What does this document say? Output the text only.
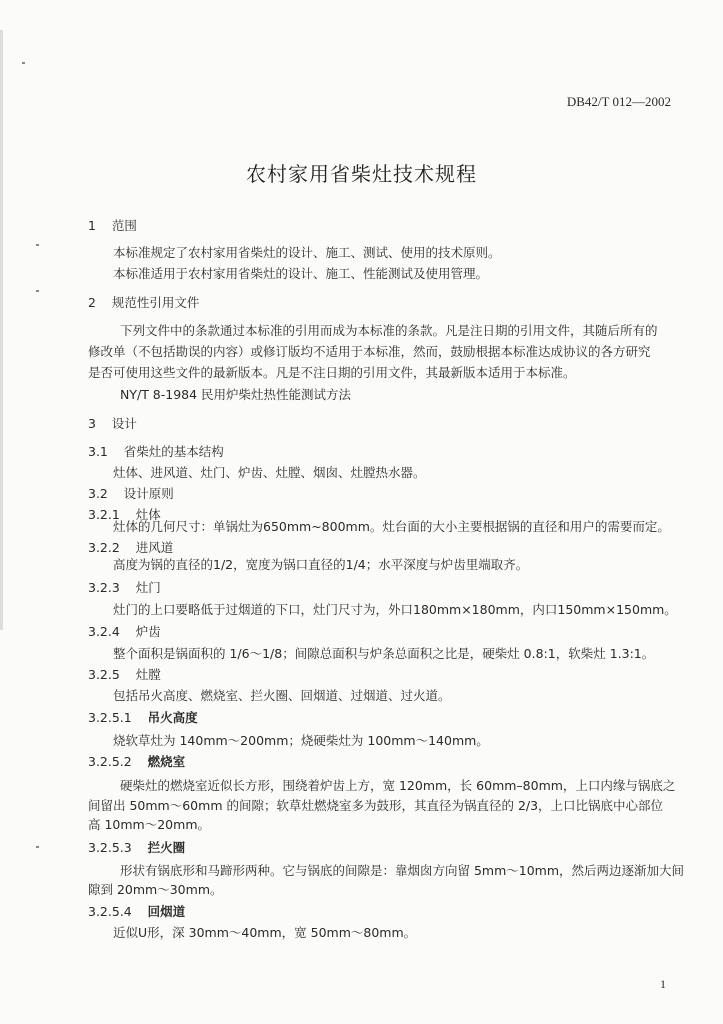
DB42/T 012—2002
农村家用省柴灶技术规程
1 范围
本标准规定了农村家用省柴灶的设计、施工、测试、使用的技术原则。
本标准适用于农村家用省柴灶的设计、施工、性能测试及使用管理。
2 规范性引用文件
下列文件中的条款通过本标准的引用而成为本标准的条款。凡是注日期的引用文件，其随后所有的
修改单（不包括勘误的内容）或修订版均不适用于本标准，然而，鼓励根据本标准达成协议的各方研究
是否可使用这些文件的最新版本。凡是不注日期的引用文件，其最新版本适用于本标准。
NY/T 8-1984 民用炉柴灶热性能测试方法
3 设计
3.1 省柴灶的基本结构
灶体、进风道、灶门、炉齿、灶膛、烟囱、灶膛热水器。
3.2 设计原则
3.2.1 灶体
灶体的几何尺寸：单锅灶为650mm~800mm。灶台面的大小主要根据锅的直径和用户的需要而定。
3.2.2 进风道
高度为锅的直径的1/2，宽度为锅口直径的1/4；水平深度与炉齿里端取齐。
3.2.3 灶门
灶门的上口要略低于过烟道的下口，灶门尺寸为，外口180mm×180mm，内口150mm×150mm。
3.2.4 炉齿
整个面积是锅面积的 1/6～1/8；间隙总面积与炉条总面积之比是，硬柴灶 0.8:1，软柴灶 1.3:1。
3.2.5 灶膛
包括吊火高度、燃烧室、拦火圈、回烟道、过烟道、过火道。
3.2.5.1 吊火高度
烧软草灶为 140mm～200mm；烧硬柴灶为 100mm～140mm。
3.2.5.2 燃烧室
硬柴灶的燃烧室近似长方形，围绕着炉齿上方，宽 120mm，长 60mm–80mm，上口内缘与锅底之
间留出 50mm～60mm 的间隙；软草灶燃烧室多为鼓形，其直径为锅直径的 2/3，上口比锅底中心部位
高 10mm～20mm。
3.2.5.3 拦火圈
形状有锅底形和马蹄形两种。它与锅底的间隙是：靠烟囱方向留 5mm～10mm，然后两边逐渐加大间
隙到 20mm～30mm。
3.2.5.4 回烟道
近似U形，深 30mm～40mm，宽 50mm～80mm。
1
